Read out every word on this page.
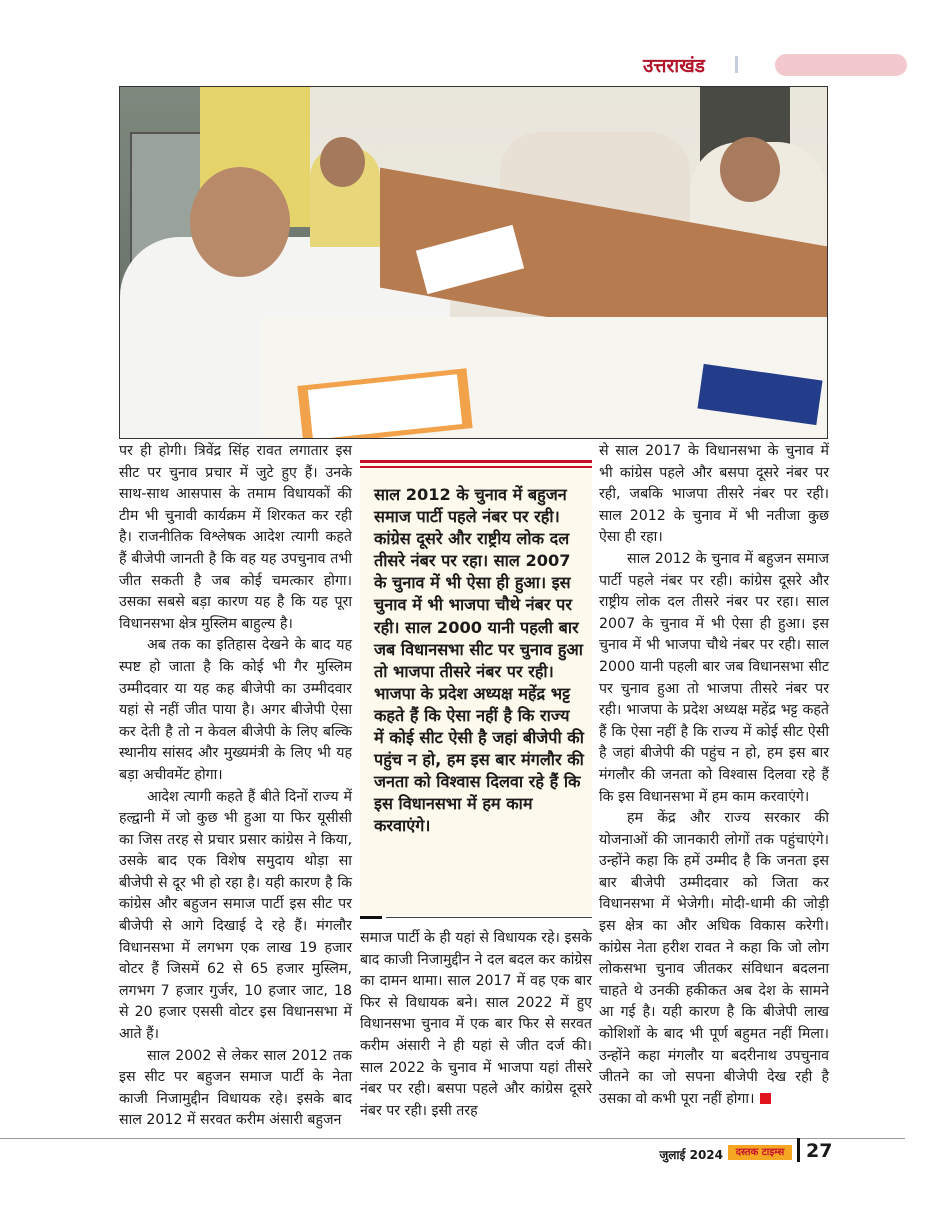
उत्तराखंड

पर ही होगी। त्रिवेंद्र सिंह रावत लगातार इस सीट पर चुनाव प्रचार में जुटे हुए हैं। उनके साथ-साथ आसपास के तमाम विधायकों की टीम भी चुनावी कार्यक्रम में शिरकत कर रही है। राजनीतिक विश्लेषक आदेश त्यागी कहते हैं बीजेपी जानती है कि वह यह उपचुनाव तभी जीत सकती है जब कोई चमत्कार होगा। उसका सबसे बड़ा कारण यह है कि यह पूरा विधानसभा क्षेत्र मुस्लिम बाहुल्य है।

अब तक का इतिहास देखने के बाद यह स्पष्ट हो जाता है कि कोई भी गैर मुस्लिम उम्मीदवार या यह कह बीजेपी का उम्मीदवार यहां से नहीं जीत पाया है। अगर बीजेपी ऐसा कर देती है तो न केवल बीजेपी के लिए बल्कि स्थानीय सांसद और मुख्यमंत्री के लिए भी यह बड़ा अचीवमेंट होगा।

आदेश त्यागी कहते हैं बीते दिनों राज्य में हल्द्वानी में जो कुछ भी हुआ या फिर यूसीसी का जिस तरह से प्रचार प्रसार कांग्रेस ने किया, उसके बाद एक विशेष समुदाय थोड़ा सा बीजेपी से दूर भी हो रहा है। यही कारण है कि कांग्रेस और बहुजन समाज पार्टी इस सीट पर बीजेपी से आगे दिखाई दे रहे हैं। मंगलौर विधानसभा में लगभग एक लाख 19 हजार वोटर हैं जिसमें 62 से 65 हजार मुस्लिम, लगभग 7 हजार गुर्जर, 10 हजार जाट, 18 से 20 हजार एससी वोटर इस विधानसभा में आते हैं।

साल 2002 से लेकर साल 2012 तक इस सीट पर बहुजन समाज पार्टी के नेता काजी निजामुद्दीन विधायक रहे। इसके बाद साल 2012 में सरवत करीम अंसारी बहुजन

साल 2012 के चुनाव में बहुजन समाज पार्टी पहले नंबर पर रही। कांग्रेस दूसरे और राष्ट्रीय लोक दल तीसरे नंबर पर रहा। साल 2007 के चुनाव में भी ऐसा ही हुआ। इस चुनाव में भी भाजपा चौथे नंबर पर रही। साल 2000 यानी पहली बार जब विधानसभा सीट पर चुनाव हुआ तो भाजपा तीसरे नंबर पर रही। भाजपा के प्रदेश अध्यक्ष महेंद्र भट्ट कहते हैं कि ऐसा नहीं है कि राज्य में कोई सीट ऐसी है जहां बीजेपी की पहुंच न हो, हम इस बार मंगलौर की जनता को विश्वास दिलवा रहे हैं कि इस विधानसभा में हम काम करवाएंगे।

समाज पार्टी के ही यहां से विधायक रहे। इसके बाद काजी निजामुद्दीन ने दल बदल कर कांग्रेस का दामन थामा। साल 2017 में वह एक बार फिर से विधायक बने। साल 2022 में हुए विधानसभा चुनाव में एक बार फिर से सरवत करीम अंसारी ने ही यहां से जीत दर्ज की। साल 2022 के चुनाव में भाजपा यहां तीसरे नंबर पर रही। बसपा पहले और कांग्रेस दूसरे नंबर पर रही। इसी तरह

से साल 2017 के विधानसभा के चुनाव में भी कांग्रेस पहले और बसपा दूसरे नंबर पर रही, जबकि भाजपा तीसरे नंबर पर रही। साल 2012 के चुनाव में भी नतीजा कुछ ऐसा ही रहा।

साल 2012 के चुनाव में बहुजन समाज पार्टी पहले नंबर पर रही। कांग्रेस दूसरे और राष्ट्रीय लोक दल तीसरे नंबर पर रहा। साल 2007 के चुनाव में भी ऐसा ही हुआ। इस चुनाव में भी भाजपा चौथे नंबर पर रही। साल 2000 यानी पहली बार जब विधानसभा सीट पर चुनाव हुआ तो भाजपा तीसरे नंबर पर रही। भाजपा के प्रदेश अध्यक्ष महेंद्र भट्ट कहते हैं कि ऐसा नहीं है कि राज्य में कोई सीट ऐसी है जहां बीजेपी की पहुंच न हो, हम इस बार मंगलौर की जनता को विश्वास दिलवा रहे हैं कि इस विधानसभा में हम काम करवाएंगे।

हम केंद्र और राज्य सरकार की योजनाओं की जानकारी लोगों तक पहुंचाएंगे। उन्होंने कहा कि हमें उम्मीद है कि जनता इस बार बीजेपी उम्मीदवार को जिता कर विधानसभा में भेजेगी। मोदी-धामी की जोड़ी इस क्षेत्र का और अधिक विकास करेगी। कांग्रेस नेता हरीश रावत ने कहा कि जो लोग लोकसभा चुनाव जीतकर संविधान बदलना चाहते थे उनकी हकीकत अब देश के सामने आ गई है। यही कारण है कि बीजेपी लाख कोशिशों के बाद भी पूर्ण बहुमत नहीं मिला। उन्होंने कहा मंगलौर या बदरीनाथ उपचुनाव जीतने का जो सपना बीजेपी देख रही है उसका वो कभी पूरा नहीं होगा।

जुलाई 2024	दस्तक टाइम्स	27
